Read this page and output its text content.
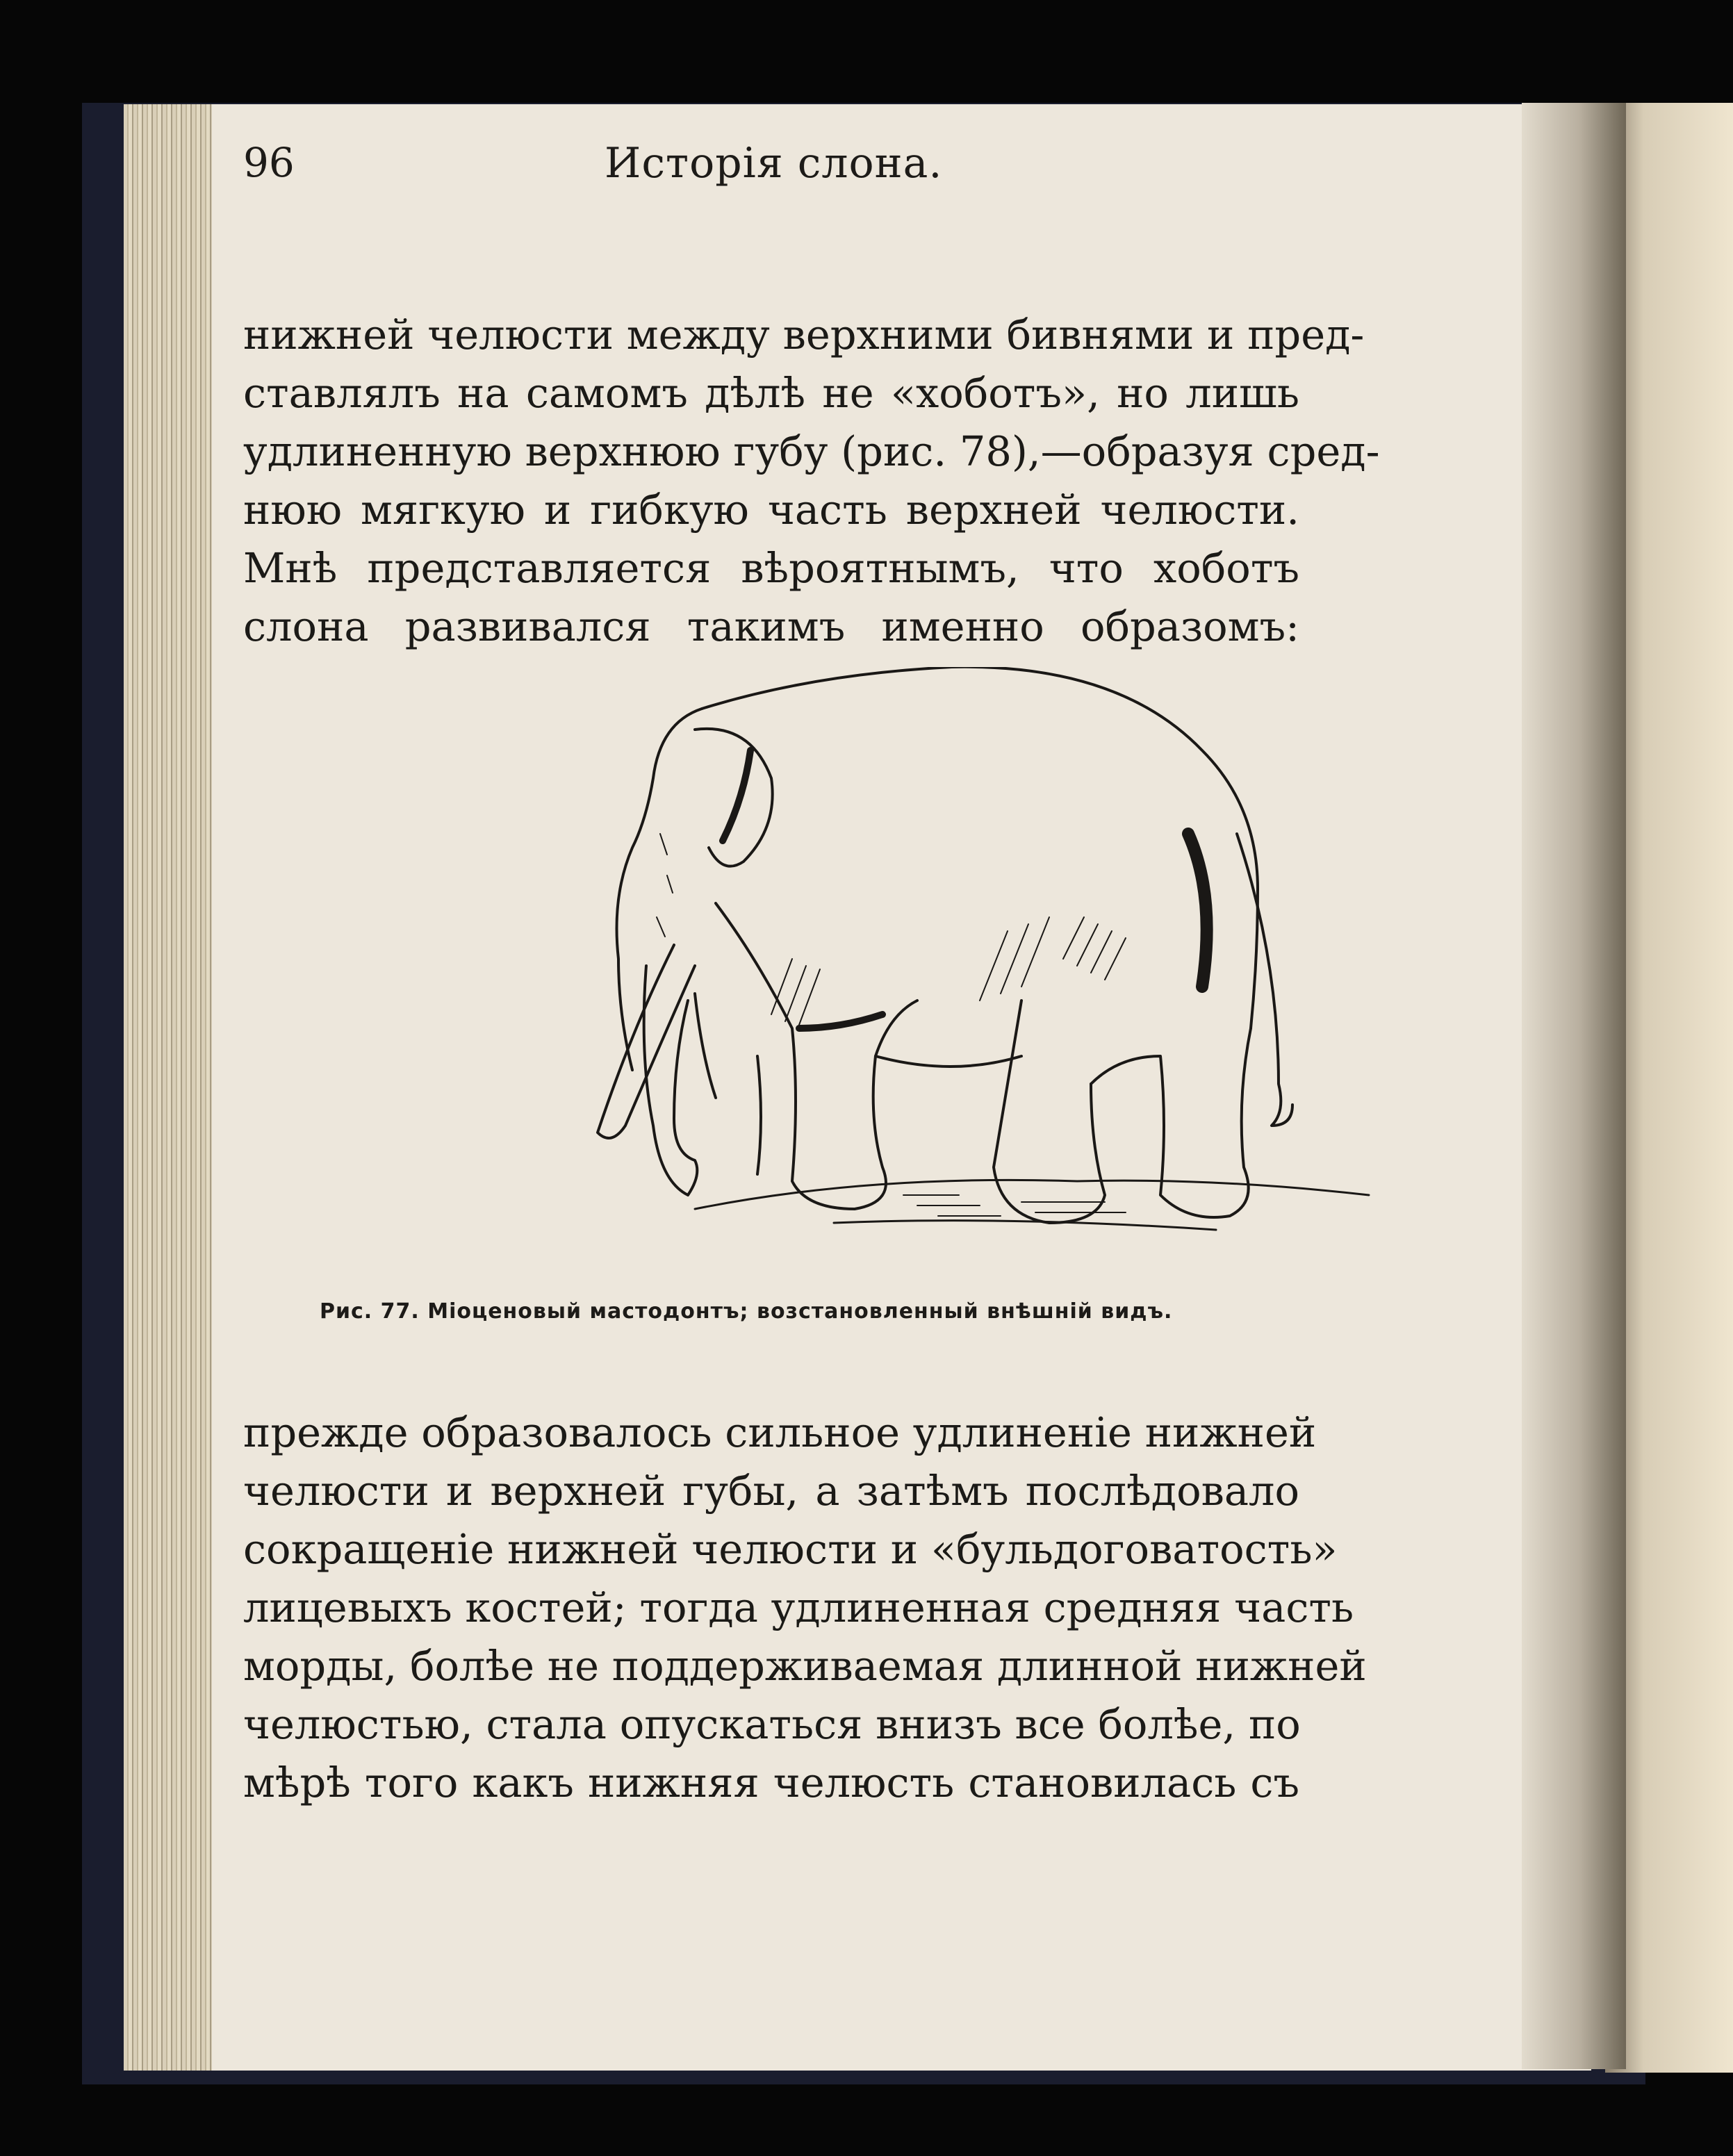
96	Исторія слона.
нижней челюсти между верхними бивнями и пред-
ставлялъ на самомъ дѣлѣ не «хоботъ», но лишь
удлиненную верхнюю губу (рис. 78),—образуя сред-
нюю мягкую и гибкую часть верхней челюсти.
Мнѣ представляется вѣроятнымъ, что хоботъ
слона развивался такимъ именно образомъ:
Рис. 77. Міоценовый мастодонтъ; возстановленный внѣшній видъ.
прежде образовалось сильное удлиненіе нижней
челюсти и верхней губы, а затѣмъ послѣдовало
сокращеніе нижней челюсти и «бульдоговатость»
лицевыхъ костей; тогда удлиненная средняя часть
морды, болѣе не поддерживаемая длинной нижней
челюстью, стала опускаться внизъ все болѣе, по
мѣрѣ того какъ нижняя челюсть становилась съ
